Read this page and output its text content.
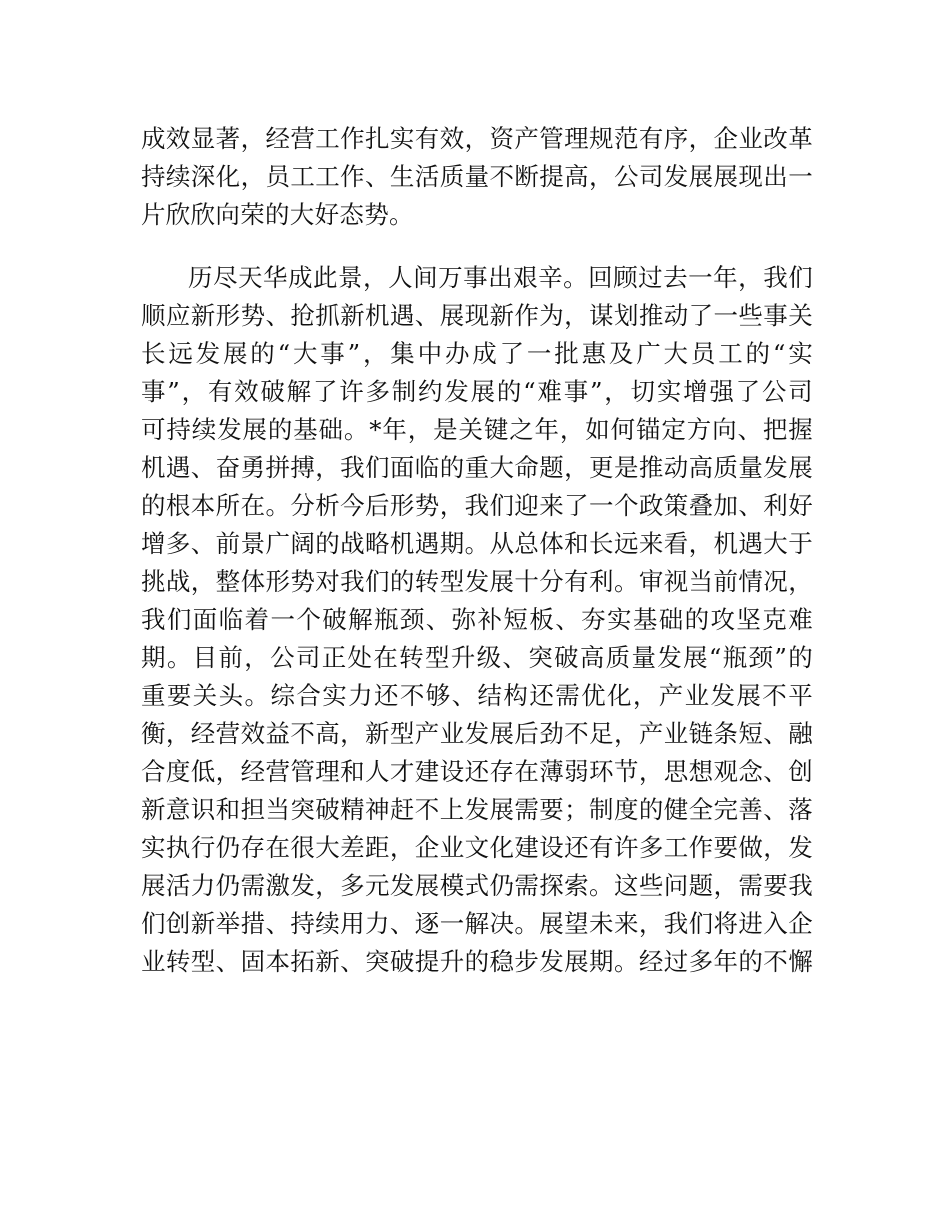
成效显著，经营工作扎实有效，资产管理规范有序，企业改革
持续深化，员工工作、生活质量不断提高，公司发展展现出一
片欣欣向荣的大好态势。
历尽天华成此景，人间万事出艰辛。回顾过去一年，我们
顺应新形势、抢抓新机遇、展现新作为，谋划推动了一些事关
长远发展的“大事”，集中办成了一批惠及广大员工的“实
事”，有效破解了许多制约发展的“难事”，切实增强了公司
可持续发展的基础。*年，是关键之年，如何锚定方向、把握
机遇、奋勇拼搏，我们面临的重大命题，更是推动高质量发展
的根本所在。分析今后形势，我们迎来了一个政策叠加、利好
增多、前景广阔的战略机遇期。从总体和长远来看，机遇大于
挑战，整体形势对我们的转型发展十分有利。审视当前情况，
我们面临着一个破解瓶颈、弥补短板、夯实基础的攻坚克难
期。目前，公司正处在转型升级、突破高质量发展“瓶颈”的
重要关头。综合实力还不够、结构还需优化，产业发展不平
衡，经营效益不高，新型产业发展后劲不足，产业链条短、融
合度低，经营管理和人才建设还存在薄弱环节，思想观念、创
新意识和担当突破精神赶不上发展需要；制度的健全完善、落
实执行仍存在很大差距，企业文化建设还有许多工作要做，发
展活力仍需激发，多元发展模式仍需探索。这些问题，需要我
们创新举措、持续用力、逐一解决。展望未来，我们将进入企
业转型、固本拓新、突破提升的稳步发展期。经过多年的不懈
